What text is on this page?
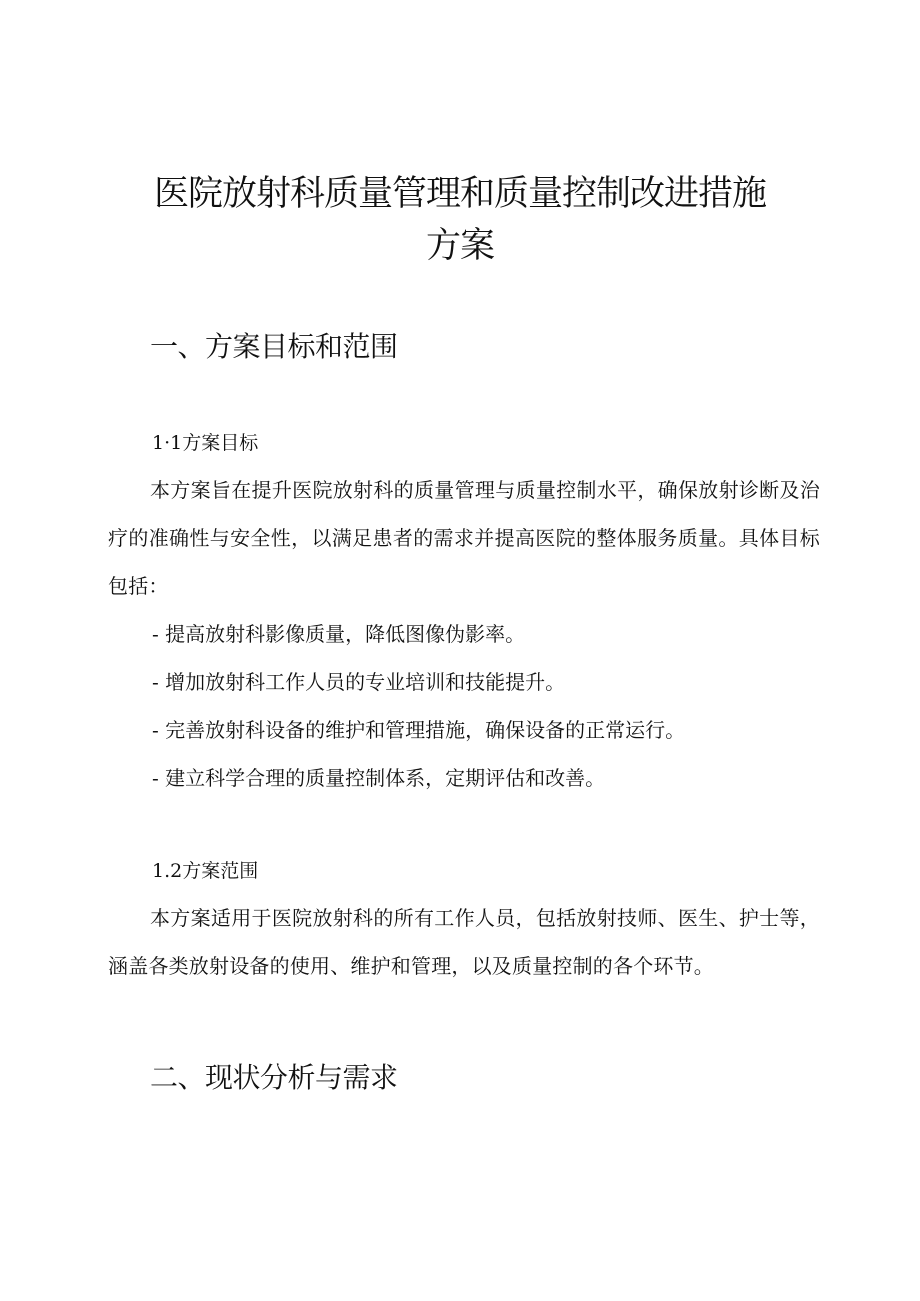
医院放射科质量管理和质量控制改进措施
方案
一、方案目标和范围
1·1方案目标

本方案旨在提升医院放射科的质量管理与质量控制水平，确保放射诊断及治疗的准确性与安全性，以满足患者的需求并提高医院的整体服务质量。具体目标包括：

- 提高放射科影像质量，降低图像伪影率。
- 增加放射科工作人员的专业培训和技能提升。
- 完善放射科设备的维护和管理措施，确保设备的正常运行。
- 建立科学合理的质量控制体系，定期评估和改善。
1.2方案范围

本方案适用于医院放射科的所有工作人员，包括放射技师、医生、护士等，涵盖各类放射设备的使用、维护和管理，以及质量控制的各个环节。

二、现状分析与需求
